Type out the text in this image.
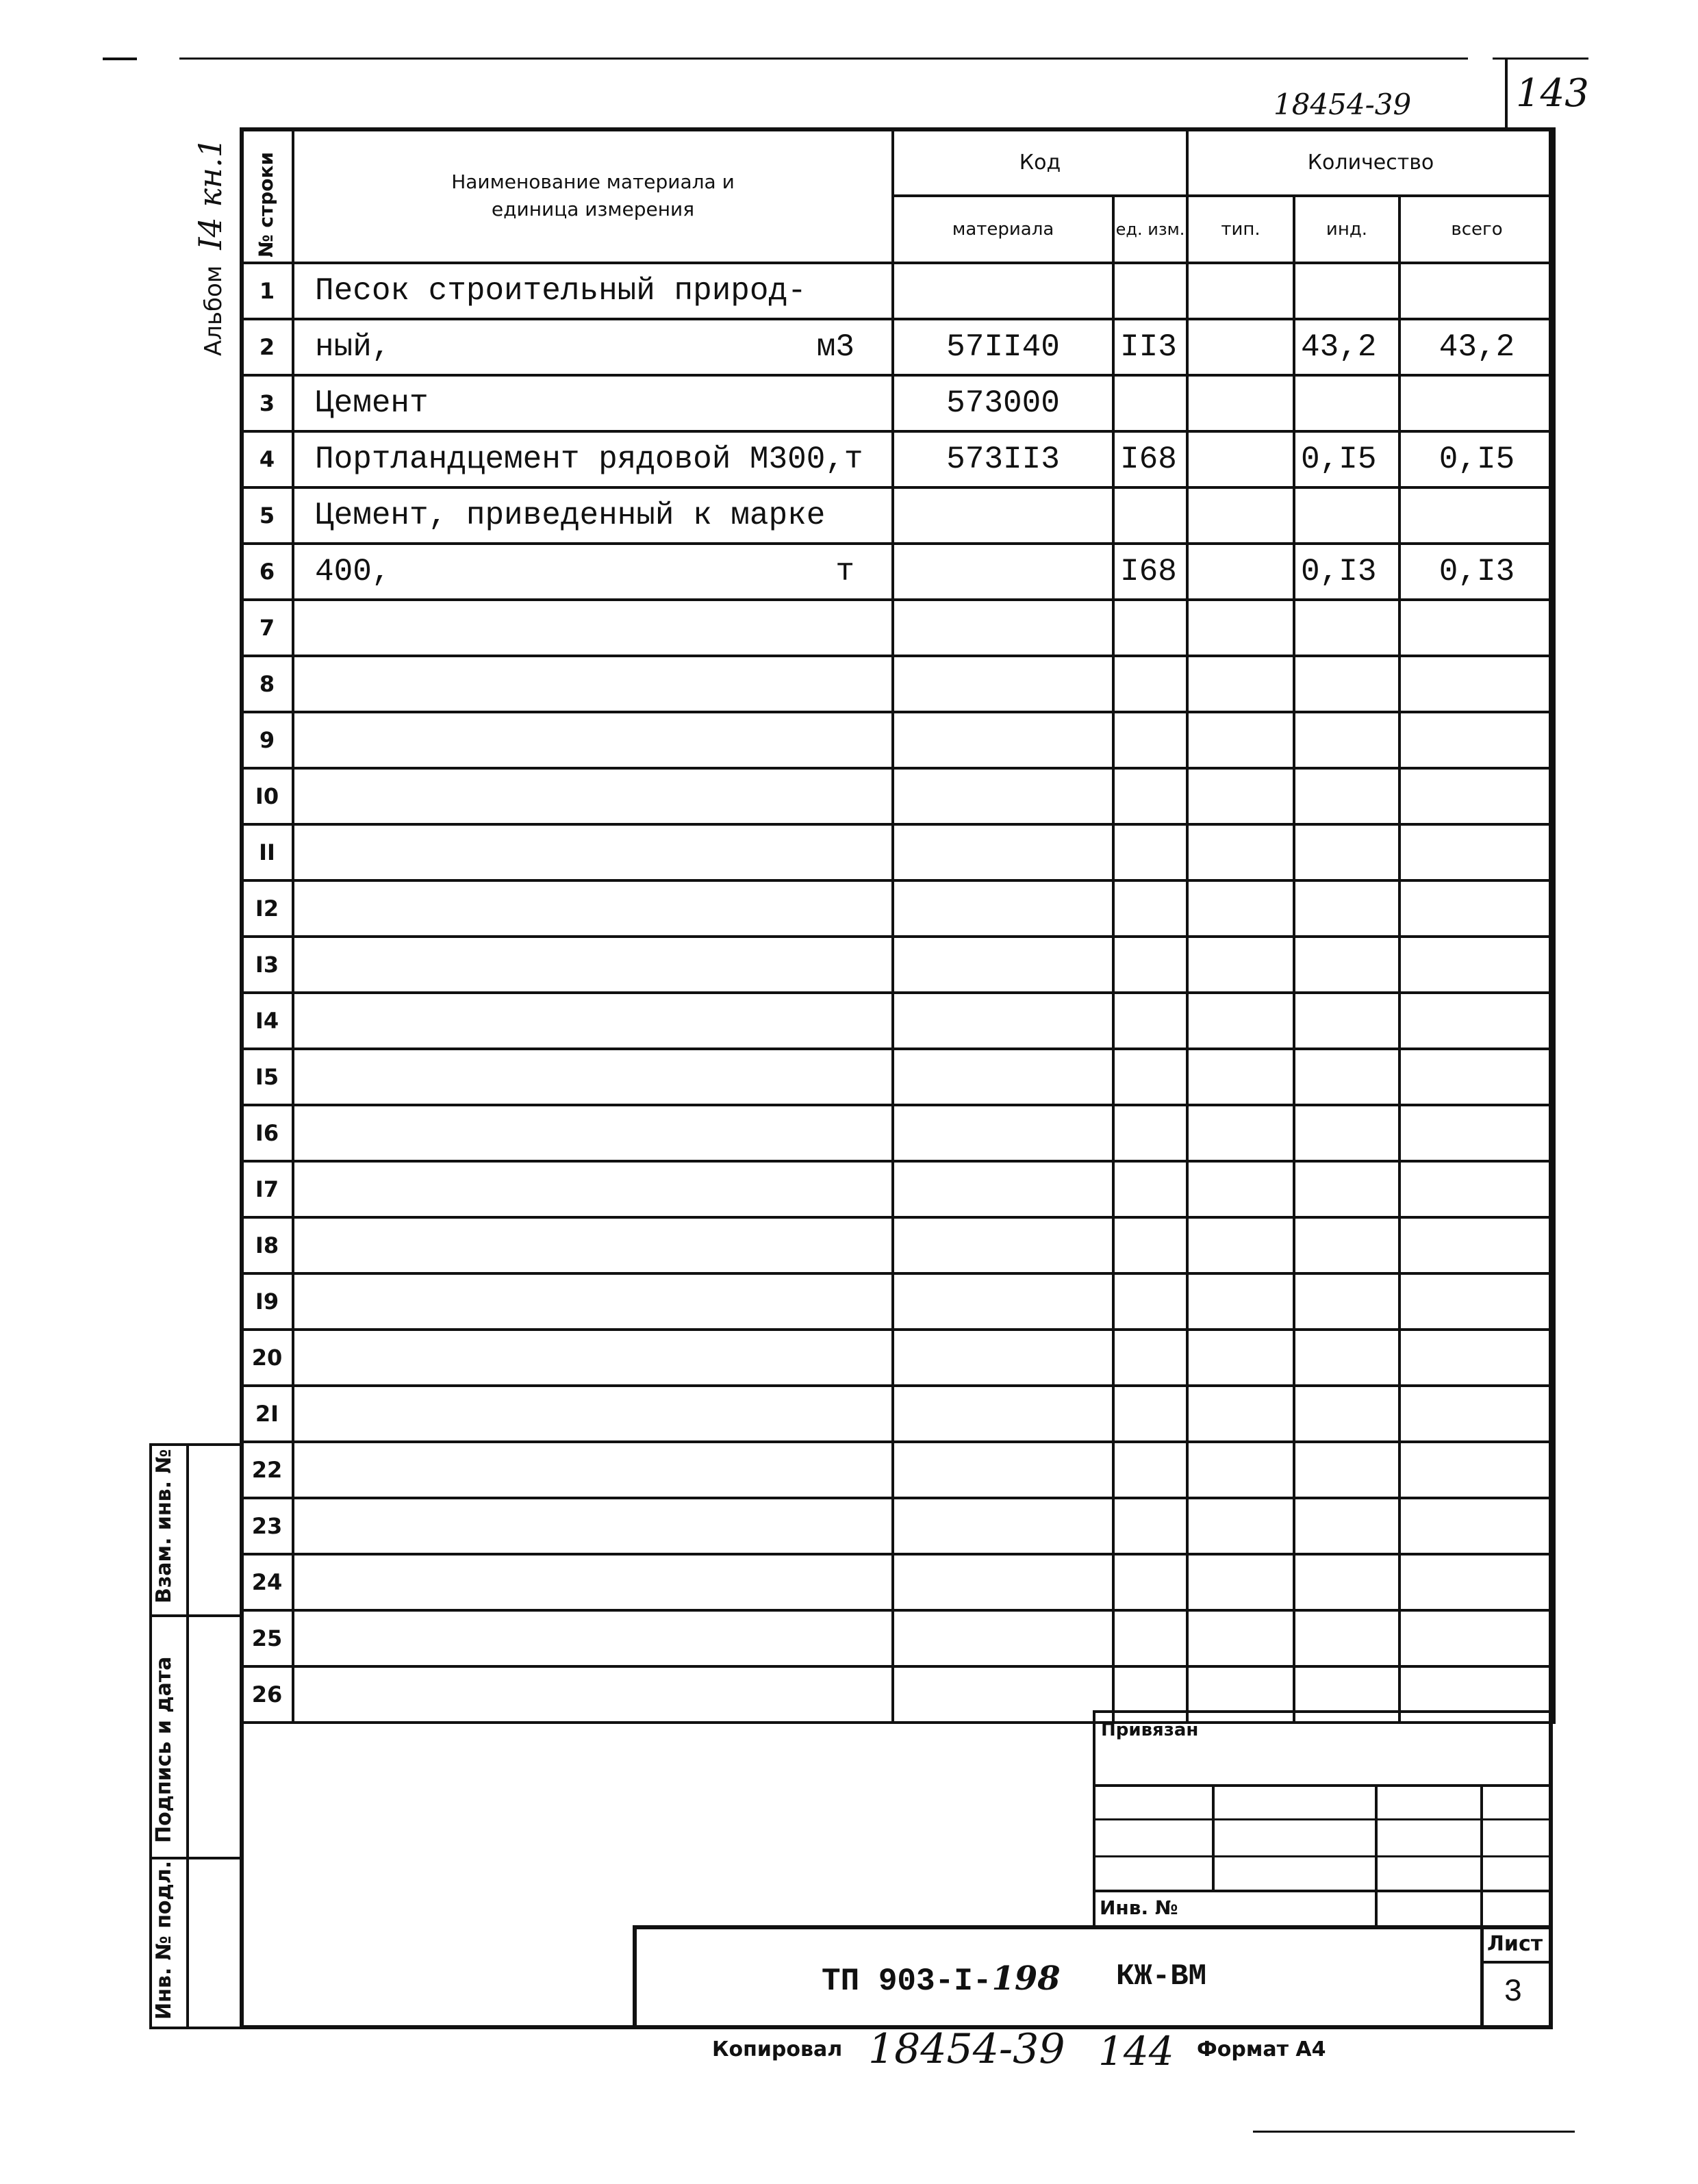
18454-39	143
Альбом I4 кн.1 № строки	Наименование материала и единица измерения	Код		Количество		
		материала	ед. изм.	тип.	инд.	всего
1	Песок строительный природ-					
2	ный, м3	57II40	II3		43,2	43,2
3	Цемент	573000				
4	Портландцемент рядовой М300,т	573II3	I68		0,I5	0,I5
5	Цемент, приведенный к марке					
6	400, т		I68		0,I3	0,I3
7						
8						
9						
I0						
II						
I2						
I3						
I4						
I5						
I6						
I7						
I8						
I9						
20						
2I						
22						
23						
24						
25						
26						
Взам. инв. №
Подпись и дата
Инв. № подл.
Привязан
Инв. №
ТП 903-I-198 КЖ-ВМ
Лист
3
Копировал 18454-39 144 Формат А4
